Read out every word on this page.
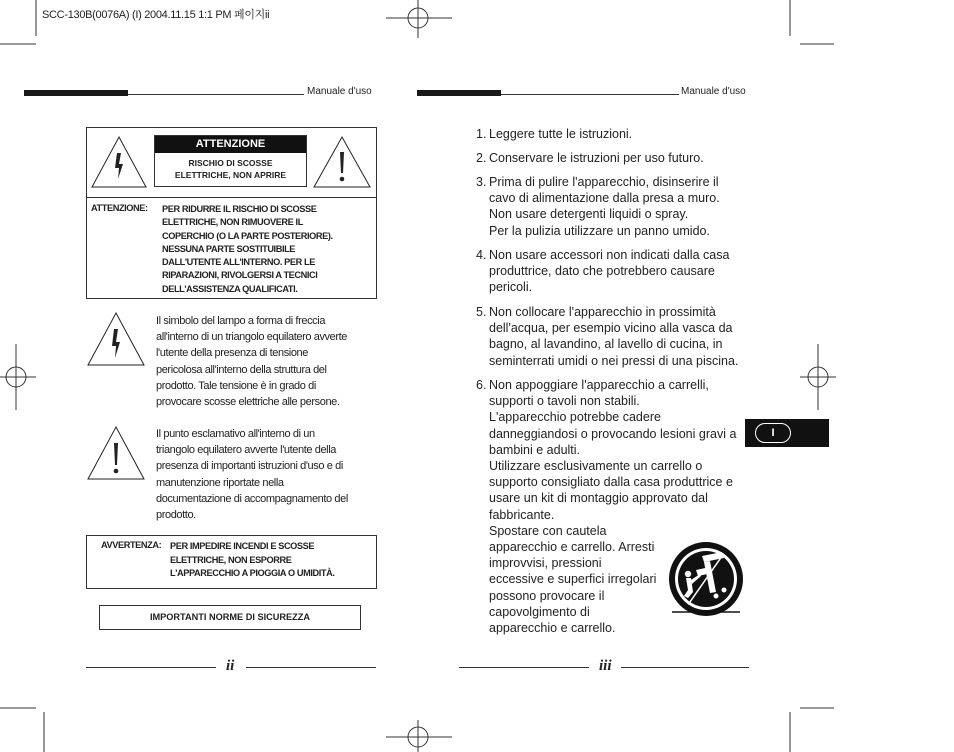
SCC-130B(0076A) (I) 2004.11.15 1:1 PM 페이지ii
Manuale d'uso
ATTENZIONE
RISCHIO DI SCOSSE
ELETTRICHE, NON APRIRE
ATTENZIONE: PER RIDURRE IL RISCHIO DI SCOSSE
ELETTRICHE, NON RIMUOVERE IL
COPERCHIO (O LA PARTE POSTERIORE).
NESSUNA PARTE SOSTITUIBILE
DALL'UTENTE ALL'INTERNO. PER LE
RIPARAZIONI, RIVOLGERSI A TECNICI
DELL'ASSISTENZA QUALIFICATI.
Il simbolo del lampo a forma di freccia
all'interno di un triangolo equilatero avverte
l'utente della presenza di tensione
pericolosa all'interno della struttura del
prodotto. Tale tensione è in grado di
provocare scosse elettriche alle persone.
Il punto esclamativo all'interno di un
triangolo equilatero avverte l'utente della
presenza di importanti istruzioni d'uso e di
manutenzione riportate nella
documentazione di accompagnamento del
prodotto.
AVVERTENZA: PER IMPEDIRE INCENDI E SCOSSE
ELETTRICHE, NON ESPORRE
L'APPARECCHIO A PIOGGIA O UMIDITÀ.
IMPORTANTI NORME DI SICUREZZA
ii
Manuale d'uso
1. Leggere tutte le istruzioni.
2. Conservare le istruzioni per uso futuro.
3. Prima di pulire l'apparecchio, disinserire il
cavo di alimentazione dalla presa a muro.
Non usare detergenti liquidi o spray.
Per la pulizia utilizzare un panno umido.
4. Non usare accessori non indicati dalla casa
produttrice, dato che potrebbero causare
pericoli.
5. Non collocare l'apparecchio in prossimità
dell'acqua, per esempio vicino alla vasca da
bagno, al lavandino, al lavello di cucina, in
seminterrati umidi o nei pressi di una piscina.
6. Non appoggiare l'apparecchio a carrelli,
supporti o tavoli non stabili.
L'apparecchio potrebbe cadere
danneggiandosi o provocando lesioni gravi a
bambini e adulti.
Utilizzare esclusivamente un carrello o
supporto consigliato dalla casa produttrice e
usare un kit di montaggio approvato dal
fabbricante.
Spostare con cautela
apparecchio e carrello. Arresti
improvvisi, pressioni
eccessive e superfici irregolari
possono provocare il
capovolgimento di
apparecchio e carrello.
I
iii
